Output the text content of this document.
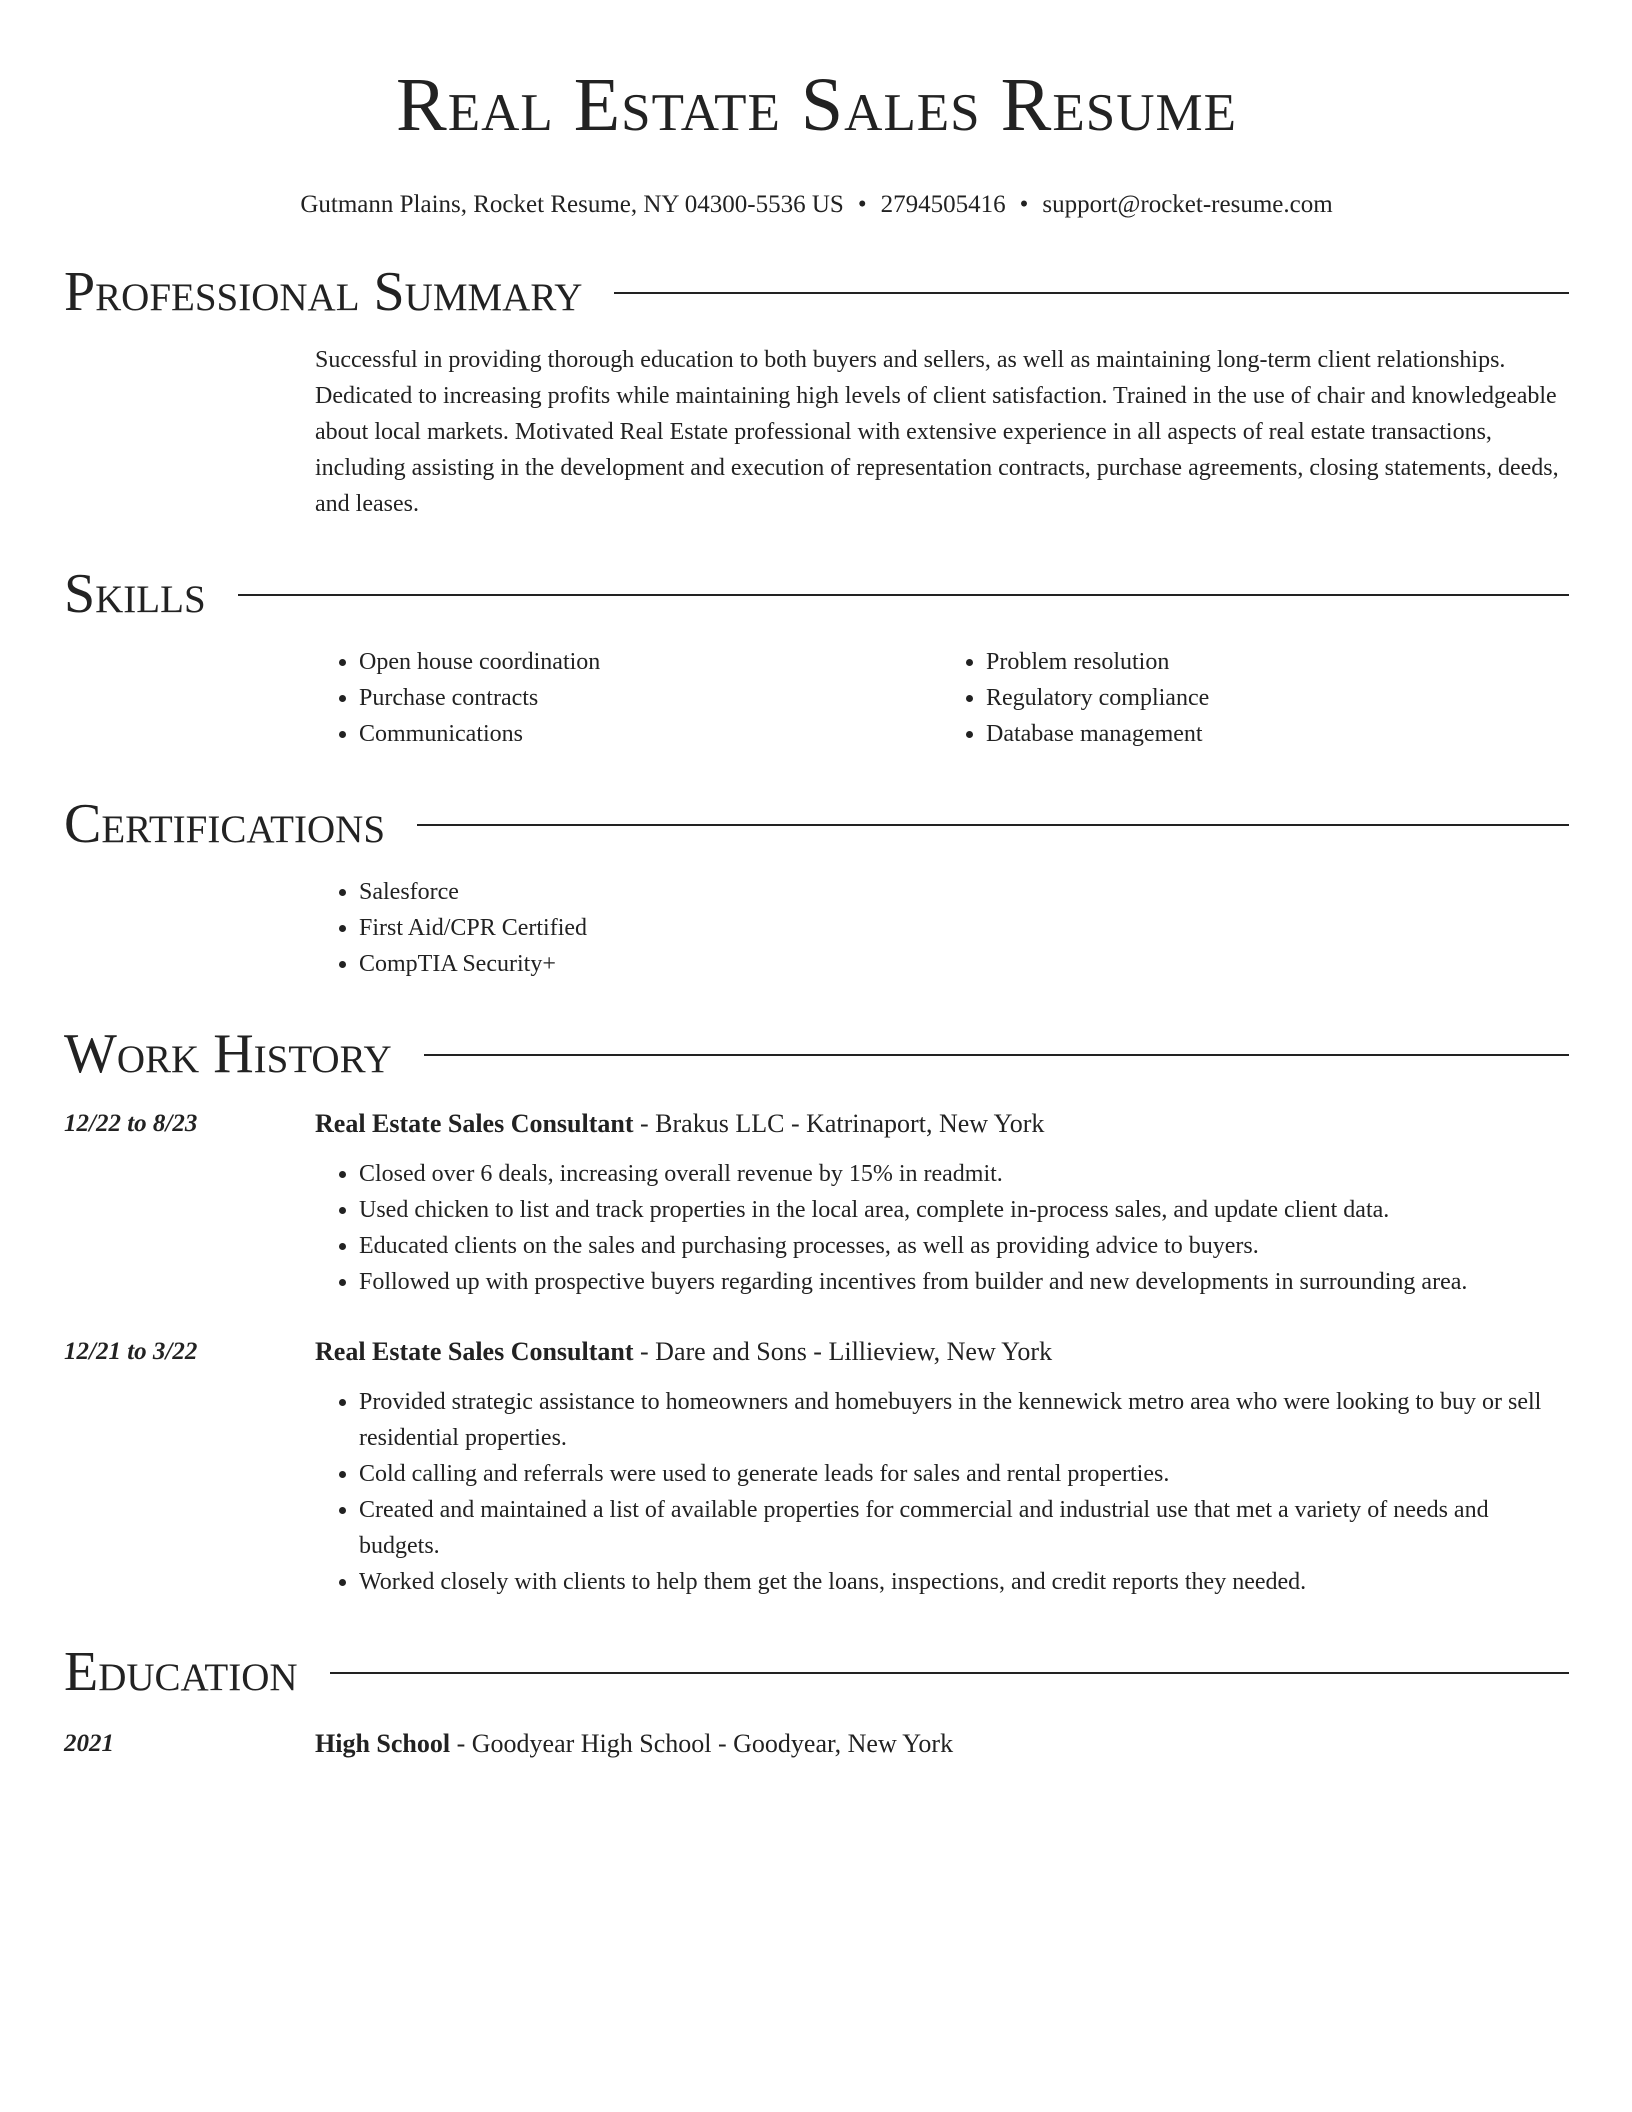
Real Estate Sales Resume
Gutmann Plains, Rocket Resume, NY 04300-5536 US • 2794505416 • support@rocket-resume.com
Professional Summary
Successful in providing thorough education to both buyers and sellers, as well as maintaining long-term client relationships. Dedicated to increasing profits while maintaining high levels of client satisfaction. Trained in the use of chair and knowledgeable about local markets. Motivated Real Estate professional with extensive experience in all aspects of real estate transactions, including assisting in the development and execution of representation contracts, purchase agreements, closing statements, deeds, and leases.
Skills
• Open house coordination
• Purchase contracts
• Communications
• Problem resolution
• Regulatory compliance
• Database management
Certifications
• Salesforce
• First Aid/CPR Certified
• CompTIA Security+
Work History
12/22 to 8/23	Real Estate Sales Consultant - Brakus LLC - Katrinaport, New York
• Closed over 6 deals, increasing overall revenue by 15% in readmit.
• Used chicken to list and track properties in the local area, complete in-process sales, and update client data.
• Educated clients on the sales and purchasing processes, as well as providing advice to buyers.
• Followed up with prospective buyers regarding incentives from builder and new developments in surrounding area.
12/21 to 3/22	Real Estate Sales Consultant - Dare and Sons - Lillieview, New York
• Provided strategic assistance to homeowners and homebuyers in the kennewick metro area who were looking to buy or sell residential properties.
• Cold calling and referrals were used to generate leads for sales and rental properties.
• Created and maintained a list of available properties for commercial and industrial use that met a variety of needs and budgets.
• Worked closely with clients to help them get the loans, inspections, and credit reports they needed.
Education
2021	High School - Goodyear High School - Goodyear, New York
